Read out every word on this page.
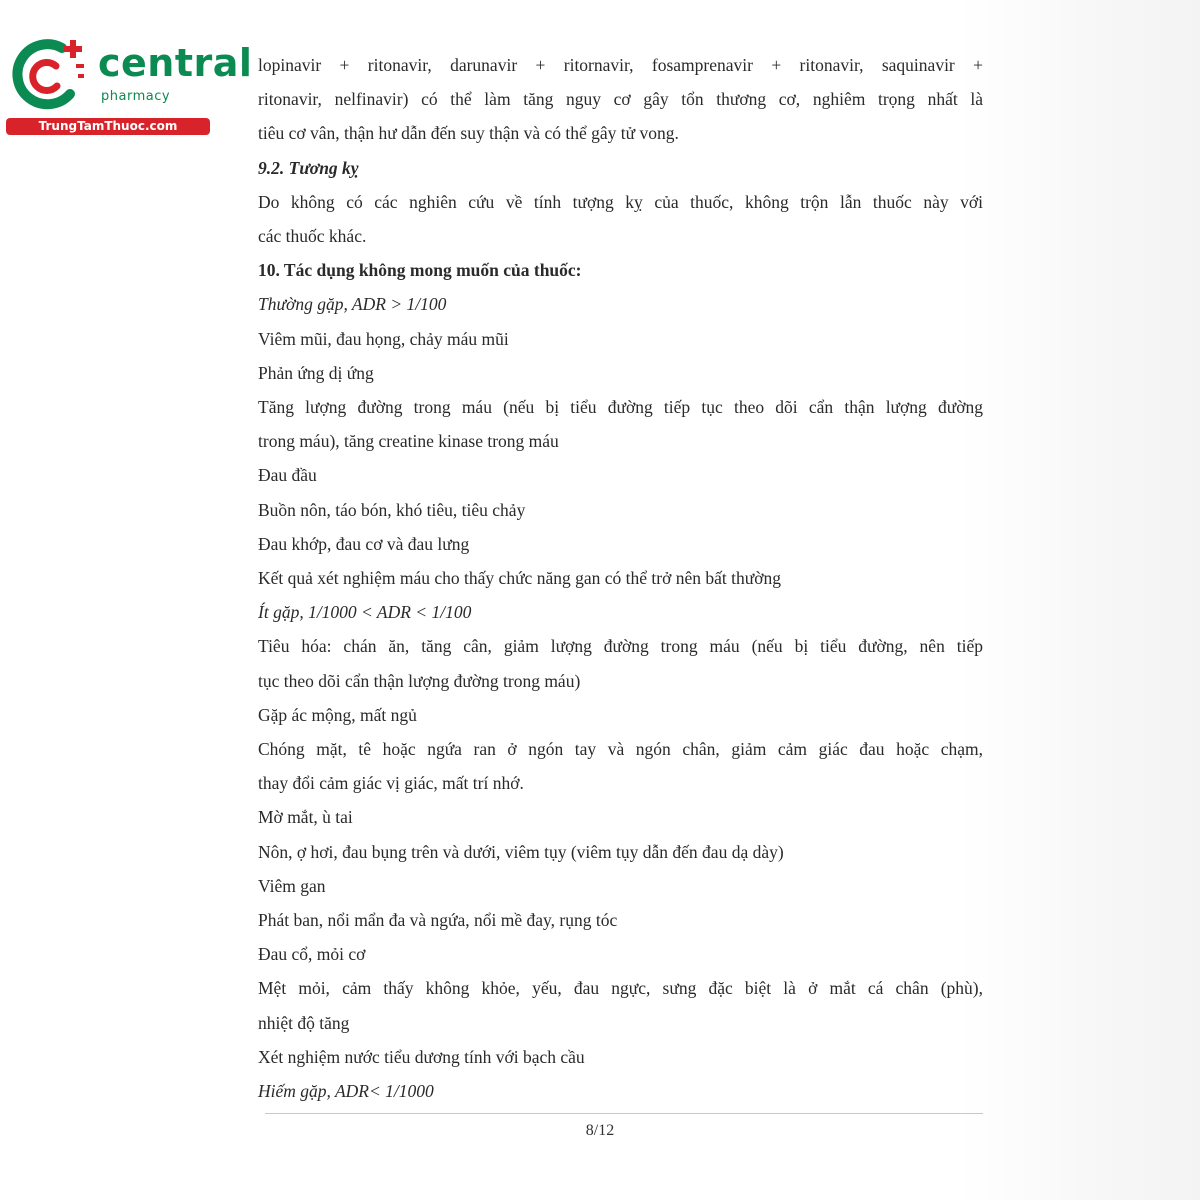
central
pharmacy
TrungTamThuoc.com
lopinavir + ritonavir, darunavir + ritornavir, fosamprenavir + ritonavir, saquinavir +
ritonavir, nelfinavir) có thể làm tăng nguy cơ gây tổn thương cơ, nghiêm trọng nhất là
tiêu cơ vân, thận hư dẫn đến suy thận và có thể gây tử vong.
9.2. Tương kỵ
Do không có các nghiên cứu về tính tượng kỵ của thuốc, không trộn lẫn thuốc này với
các thuốc khác.
10. Tác dụng không mong muốn của thuốc:
Thường gặp, ADR > 1/100
Viêm mũi, đau họng, chảy máu mũi
Phản ứng dị ứng
Tăng lượng đường trong máu (nếu bị tiểu đường tiếp tục theo dõi cẩn thận lượng đường
trong máu), tăng creatine kinase trong máu
Đau đầu
Buồn nôn, táo bón, khó tiêu, tiêu chảy
Đau khớp, đau cơ và đau lưng
Kết quả xét nghiệm máu cho thấy chức năng gan có thể trở nên bất thường
Ít gặp, 1/1000 < ADR < 1/100
Tiêu hóa: chán ăn, tăng cân, giảm lượng đường trong máu (nếu bị tiểu đường, nên tiếp
tục theo dõi cẩn thận lượng đường trong máu)
Gặp ác mộng, mất ngủ
Chóng mặt, tê hoặc ngứa ran ở ngón tay và ngón chân, giảm cảm giác đau hoặc chạm,
thay đổi cảm giác vị giác, mất trí nhớ.
Mờ mắt, ù tai
Nôn, ợ hơi, đau bụng trên và dưới, viêm tụy (viêm tụy dẫn đến đau dạ dày)
Viêm gan
Phát ban, nổi mẩn đa và ngứa, nổi mề đay, rụng tóc
Đau cổ, mỏi cơ
Mệt mỏi, cảm thấy không khỏe, yếu, đau ngực, sưng đặc biệt là ở mắt cá chân (phù),
nhiệt độ tăng
Xét nghiệm nước tiểu dương tính với bạch cầu
Hiếm gặp, ADR< 1/1000
8/12
